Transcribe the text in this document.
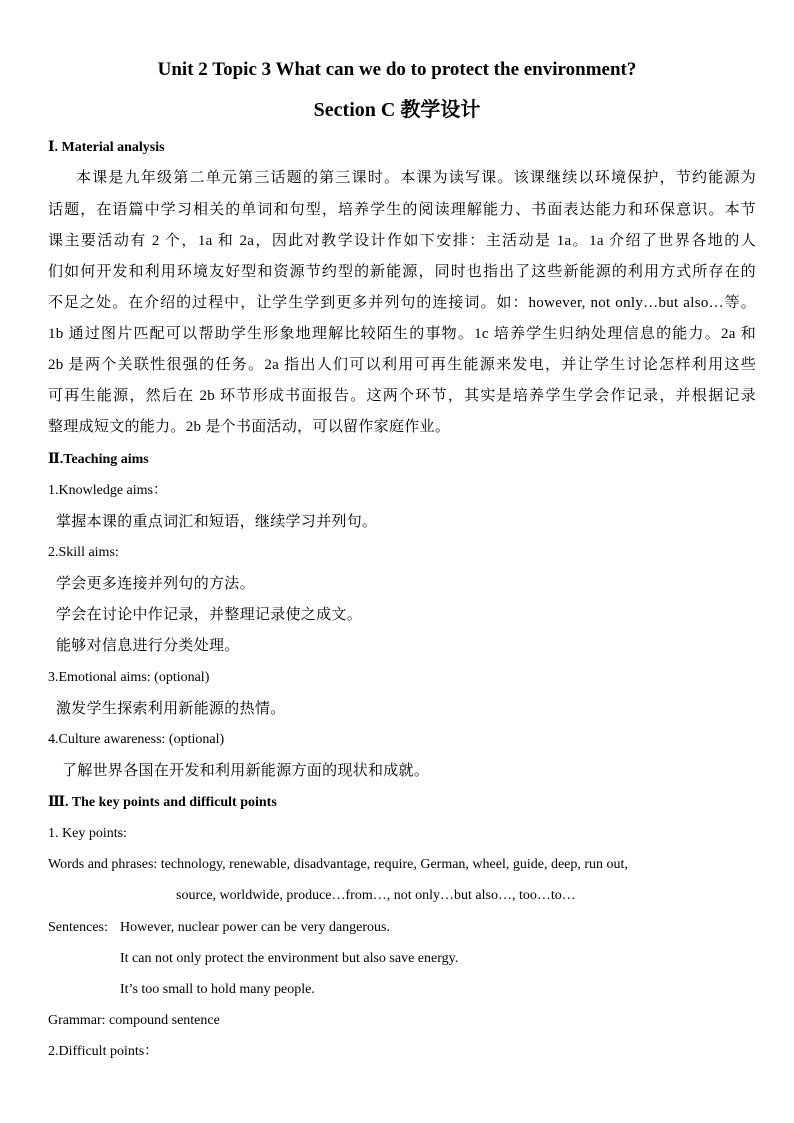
Unit 2 Topic 3 What can we do to protect the environment?
Section C 教学设计
Ⅰ. Material analysis
本课是九年级第二单元第三话题的第三课时。本课为读写课。该课继续以环境保护，节约能源为
话题，在语篇中学习相关的单词和句型，培养学生的阅读理解能力、书面表达能力和环保意识。本节
课主要活动有 2 个，1a 和 2a，因此对教学设计作如下安排：主活动是 1a。1a 介绍了世界各地的人
们如何开发和利用环境友好型和资源节约型的新能源，同时也指出了这些新能源的利用方式所存在的
不足之处。在介绍的过程中，让学生学到更多并列句的连接词。如：however, not only…but also…等。
1b 通过图片匹配可以帮助学生形象地理解比较陌生的事物。1c 培养学生归纳处理信息的能力。2a 和
2b 是两个关联性很强的任务。2a 指出人们可以利用可再生能源来发电，并让学生讨论怎样利用这些
可再生能源，然后在 2b 环节形成书面报告。这两个环节，其实是培养学生学会作记录，并根据记录
整理成短文的能力。2b 是个书面活动，可以留作家庭作业。
Ⅱ.Teaching aims
1.Knowledge aims：
掌握本课的重点词汇和短语，继续学习并列句。
2.Skill aims:
学会更多连接并列句的方法。
学会在讨论中作记录，并整理记录使之成文。
能够对信息进行分类处理。
3.Emotional aims: (optional)
激发学生探索利用新能源的热情。
4.Culture awareness: (optional)
了解世界各国在开发和利用新能源方面的现状和成就。
Ⅲ. The key points and difficult points
1. Key points:
Words and phrases: technology, renewable, disadvantage, require, German, wheel, guide, deep, run out,
source, worldwide, produce…from…, not only…but also…, too…to…
Sentences: However, nuclear power can be very dangerous.
It can not only protect the environment but also save energy.
It’s too small to hold many people.
Grammar: compound sentence
2.Difficult points：
